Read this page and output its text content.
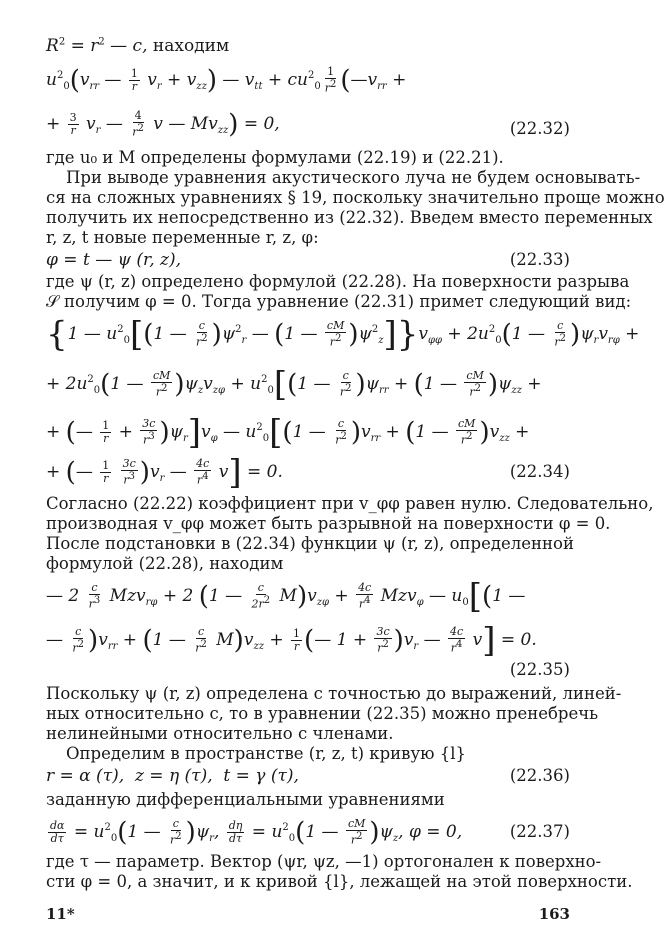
$R^2 = r^2$ — c, находим
$u^2_0(v_{rr}$ — $\frac{1}{r} v_r + v_{zz}$) — $v_{tt} + cu^2_0 \frac{1}{r^2}$ ($—v_{rr}$ +
+ $\frac{3}{r} v_r$ — $\frac{4}{r^2}$ v — $Mv_{zz}) = 0$,	(22.32)
где u₀ и M определены формулами (22.19) и (22.21).
При выводе уравнения акустического луча не будем основывать-
ся на сложных уравнениях § 19, поскольку значительно проще можно
получить их непосредственно из (22.32). Введем вместо переменных
r, z, t новые переменные r, z, φ:
φ = t — ψ (r, z),	(22.33)
где ψ (r, z) определено формулой (22.28). На поверхности разрыва
𝒮 получим φ = 0. Тогда уравнение (22.31) примет следующий вид:
{1 — $u^2_0[(1$ — $\frac{c}{r^2} )\psi^2_r$ — (1 — $\frac{cM}{r^2} )\psi^2_z]\}v_{\varphi\varphi} + 2u^2_0(1$ — $\frac{c}{r^2} )\psi_rv_{r\varphi}$ +
+ $2u^2_0(1$ — $\frac{cM}{r^2} )\psi_zv_{z\varphi} + u^2_0[(1$ — $\frac{c}{r^2} )\psi_{rr} + (1$ — $\frac{cM}{r^2} )\psi_{zz}$ +
+ (— $\frac{1}{r} + \frac{3c}{r^3} )\psi_r]v_\varphi$ — $u^2_0[(1$ — $\frac{c}{r^2} )v_{rr} + (1$ — $\frac{cM}{r^2} )v_{zz}$ +
+ (— $\frac{1}{r}$
$\frac{3c}{r^3} )v_r$ — $\frac{4c}{r^4} v] = 0$.	(22.34)
Согласно (22.22) коэффициент при v_φφ равен нулю. Следовательно,
производная v_φφ может быть разрывной на поверхности φ = 0.
После подстановки в (22.34) функции ψ (r, z), определенной
формулой (22.28), находим
— $2 \frac{c}{r^3} Mzv_{r\varphi} + 2$ (1 — $\frac{c}{2r^2} M)v_{z\varphi} + \frac{4c}{r^4} Mzv_\varphi$ — $u_0[(1$ —
— $\frac{c}{r^2} )v_{rr} + (1$ — $\frac{c}{r^2} M)v_{zz} + \frac{1}{r}$ (— $1 + \frac{3c}{r^2} )v_r$ — $\frac{4c}{r^4} v] = 0$.
(22.35)
Поскольку ψ (r, z) определена с точностью до выражений, линей-
ных относительно c, то в уравнении (22.35) можно пренебречь
нелинейными относительно c членами.
Определим в пространстве (r, z, t) кривую {l}
r = α (τ),  z = η (τ),  t = γ (τ),	(22.36)
заданную дифференциальными уравнениями
$\frac{d\alpha}{d\tau} = u^2_0(1$ — $\frac{c}{r^2} )\psi_r$, $\frac{d\eta}{d\tau} = u^2_0(1$ — $\frac{cM}{r^2} )\psi_z$, φ = 0,	(22.37)
где τ — параметр. Вектор (ψr, ψz, —1) ортогонален к поверхно-
сти φ = 0, а значит, и к кривой {l}, лежащей на этой поверхности.
11*	163
